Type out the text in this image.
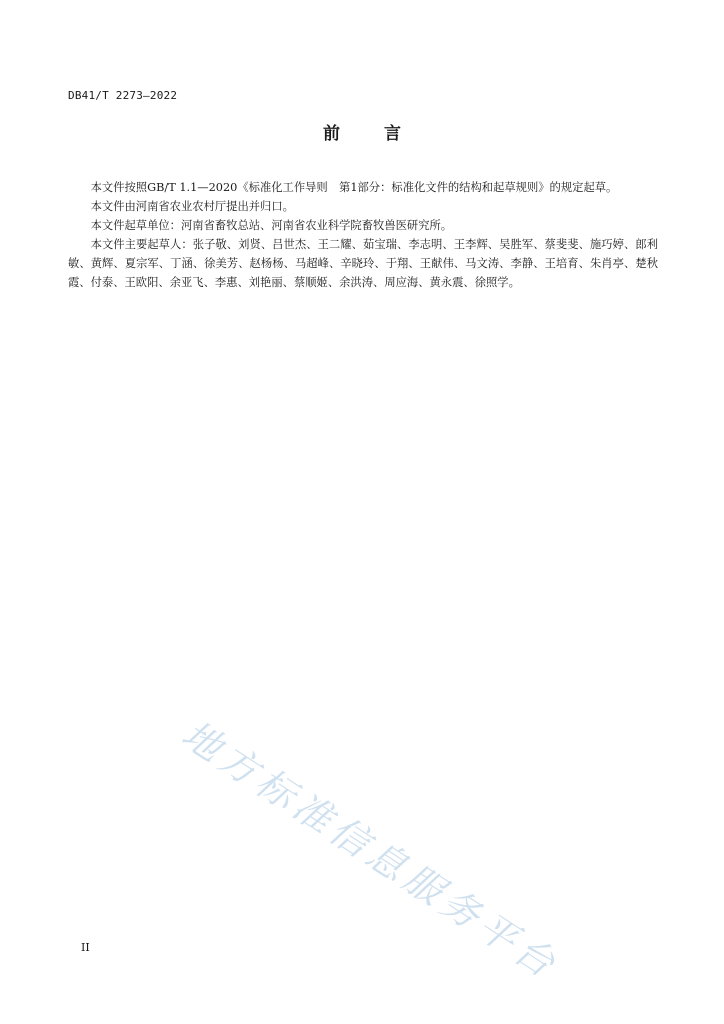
DB41/T 2273—2022
前	言

本文件按照GB/T 1.1—2020《标准化工作导则　第1部分：标准化文件的结构和起草规则》的规定起草。

本文件由河南省农业农村厅提出并归口。

本文件起草单位：河南省畜牧总站、河南省农业科学院畜牧兽医研究所。

本文件主要起草人：张子敬、刘贤、吕世杰、王二耀、茹宝瑞、李志明、王李辉、吴胜军、蔡斐斐、施巧婷、郎利敏、黄辉、夏宗军、丁涵、徐美芳、赵杨杨、马超峰、辛晓玲、于翔、王献伟、马文涛、李静、王培育、朱肖亭、楚秋霞、付泰、王欧阳、余亚飞、李惠、刘艳丽、蔡顺姬、余洪涛、周应海、黄永震、徐照学。

地方标准信息服务平台
II
